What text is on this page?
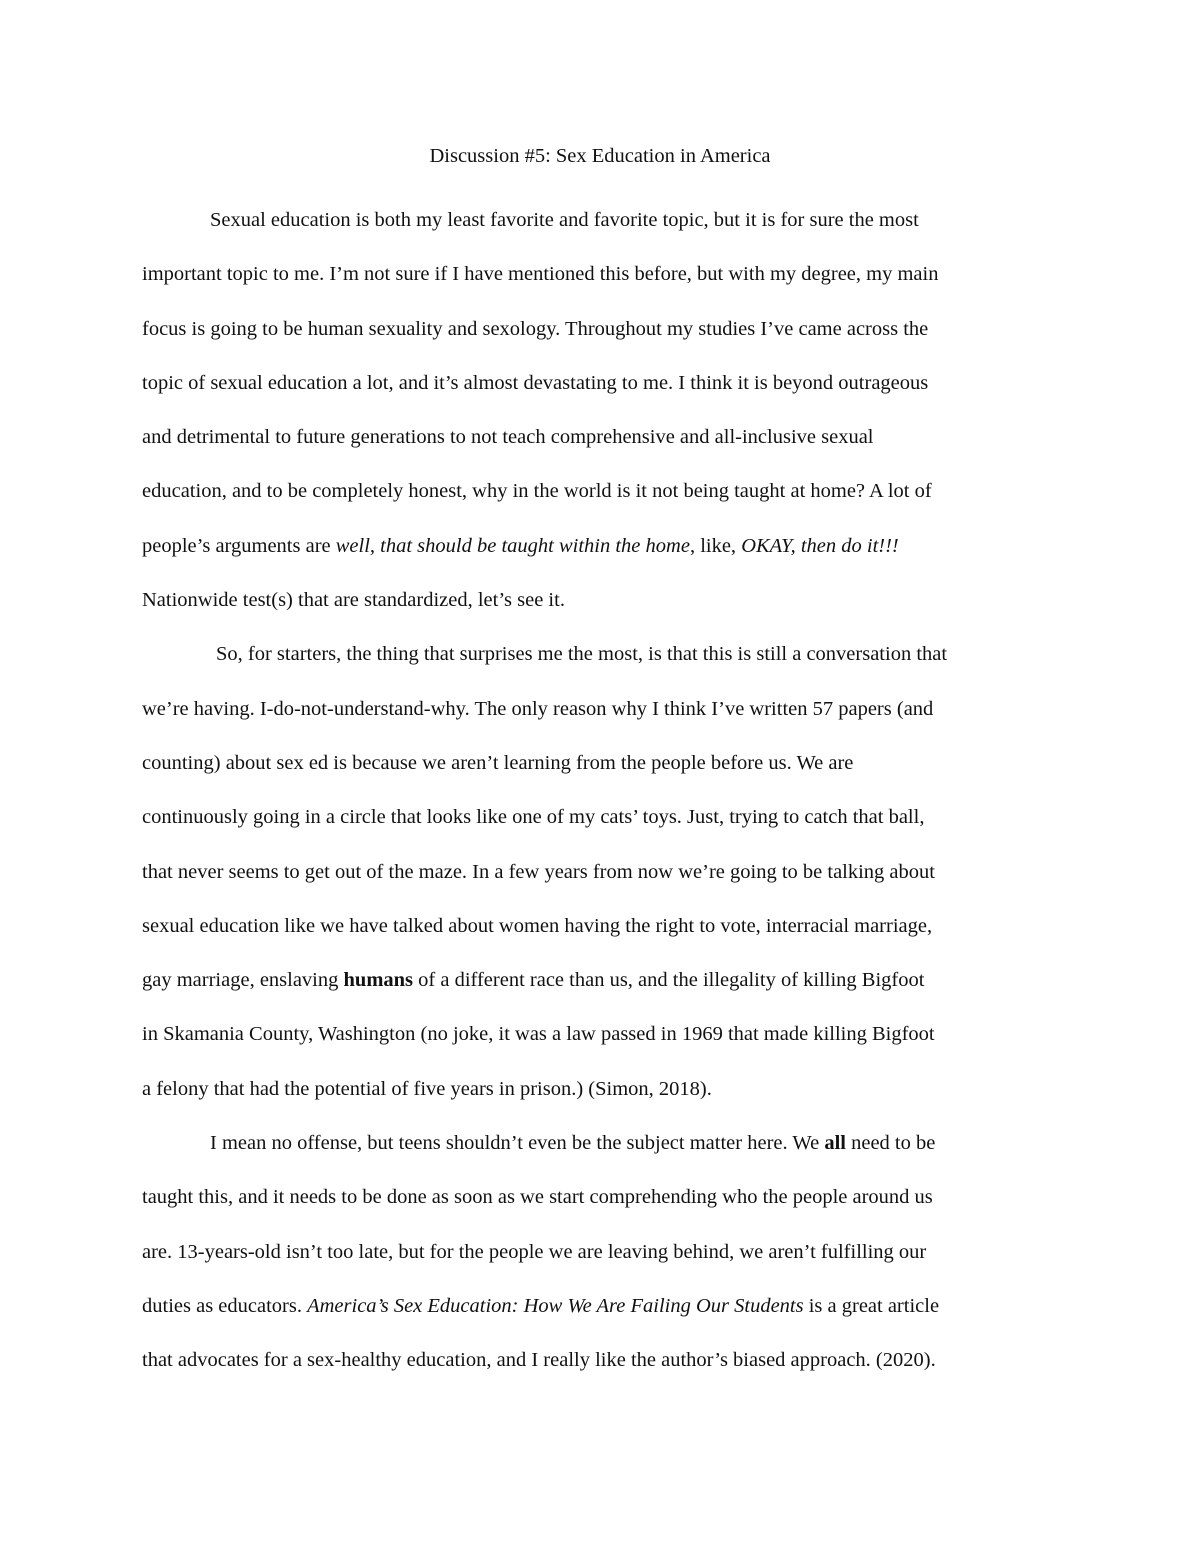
Discussion #5: Sex Education in America
Sexual education is both my least favorite and favorite topic, but it is for sure the most
important topic to me. I’m not sure if I have mentioned this before, but with my degree, my main
focus is going to be human sexuality and sexology. Throughout my studies I’ve came across the
topic of sexual education a lot, and it’s almost devastating to me. I think it is beyond outrageous
and detrimental to future generations to not teach comprehensive and all-inclusive sexual
education, and to be completely honest, why in the world is it not being taught at home? A lot of
people’s arguments are well, that should be taught within the home, like, OKAY, then do it!!!
Nationwide test(s) that are standardized, let’s see it.
So, for starters, the thing that surprises me the most, is that this is still a conversation that
we’re having. I-do-not-understand-why. The only reason why I think I’ve written 57 papers (and
counting) about sex ed is because we aren’t learning from the people before us. We are
continuously going in a circle that looks like one of my cats’ toys. Just, trying to catch that ball,
that never seems to get out of the maze. In a few years from now we’re going to be talking about
sexual education like we have talked about women having the right to vote, interracial marriage,
gay marriage, enslaving humans of a different race than us, and the illegality of killing Bigfoot
in Skamania County, Washington (no joke, it was a law passed in 1969 that made killing Bigfoot
a felony that had the potential of five years in prison.) (Simon, 2018).
I mean no offense, but teens shouldn’t even be the subject matter here. We all need to be
taught this, and it needs to be done as soon as we start comprehending who the people around us
are. 13-years-old isn’t too late, but for the people we are leaving behind, we aren’t fulfilling our
duties as educators. America’s Sex Education: How We Are Failing Our Students is a great article
that advocates for a sex-healthy education, and I really like the author’s biased approach. (2020).
